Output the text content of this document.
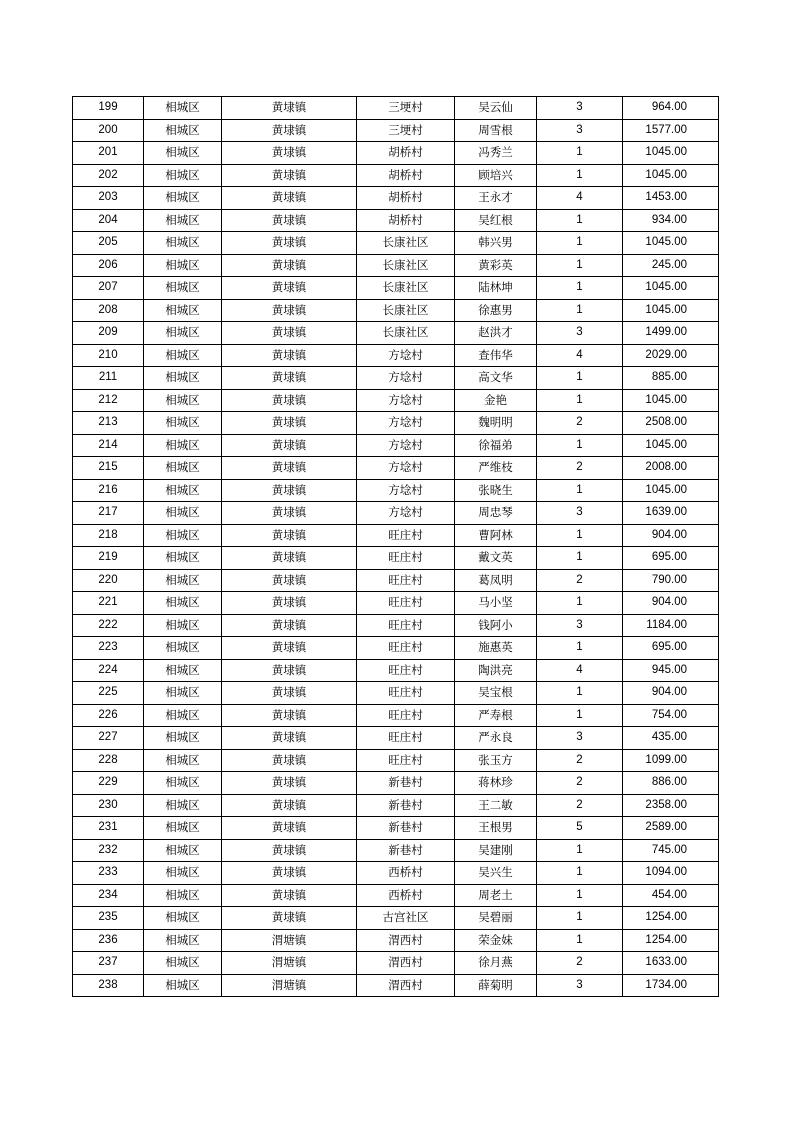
199	相城区	黄埭镇	三埂村	吴云仙	3	964.00
200	相城区	黄埭镇	三埂村	周雪根	3	1577.00
201	相城区	黄埭镇	胡桥村	冯秀兰	1	1045.00
202	相城区	黄埭镇	胡桥村	顾培兴	1	1045.00
203	相城区	黄埭镇	胡桥村	王永才	4	1453.00
204	相城区	黄埭镇	胡桥村	吴红根	1	934.00
205	相城区	黄埭镇	长康社区	韩兴男	1	1045.00
206	相城区	黄埭镇	长康社区	黄彩英	1	245.00
207	相城区	黄埭镇	长康社区	陆林坤	1	1045.00
208	相城区	黄埭镇	长康社区	徐惠男	1	1045.00
209	相城区	黄埭镇	长康社区	赵洪才	3	1499.00
210	相城区	黄埭镇	方埝村	查伟华	4	2029.00
211	相城区	黄埭镇	方埝村	高文华	1	885.00
212	相城区	黄埭镇	方埝村	金艳	1	1045.00
213	相城区	黄埭镇	方埝村	魏明明	2	2508.00
214	相城区	黄埭镇	方埝村	徐福弟	1	1045.00
215	相城区	黄埭镇	方埝村	严维枝	2	2008.00
216	相城区	黄埭镇	方埝村	张晓生	1	1045.00
217	相城区	黄埭镇	方埝村	周忠琴	3	1639.00
218	相城区	黄埭镇	旺庄村	曹阿林	1	904.00
219	相城区	黄埭镇	旺庄村	戴文英	1	695.00
220	相城区	黄埭镇	旺庄村	葛凤明	2	790.00
221	相城区	黄埭镇	旺庄村	马小坚	1	904.00
222	相城区	黄埭镇	旺庄村	钱阿小	3	1184.00
223	相城区	黄埭镇	旺庄村	施惠英	1	695.00
224	相城区	黄埭镇	旺庄村	陶洪亮	4	945.00
225	相城区	黄埭镇	旺庄村	吴宝根	1	904.00
226	相城区	黄埭镇	旺庄村	严寿根	1	754.00
227	相城区	黄埭镇	旺庄村	严永良	3	435.00
228	相城区	黄埭镇	旺庄村	张玉方	2	1099.00
229	相城区	黄埭镇	新巷村	蒋林珍	2	886.00
230	相城区	黄埭镇	新巷村	王二敏	2	2358.00
231	相城区	黄埭镇	新巷村	王根男	5	2589.00
232	相城区	黄埭镇	新巷村	吴建刚	1	745.00
233	相城区	黄埭镇	西桥村	吴兴生	1	1094.00
234	相城区	黄埭镇	西桥村	周老土	1	454.00
235	相城区	黄埭镇	古宫社区	吴碧丽	1	1254.00
236	相城区	渭塘镇	渭西村	荣金妹	1	1254.00
237	相城区	渭塘镇	渭西村	徐月燕	2	1633.00
238	相城区	渭塘镇	渭西村	薛菊明	3	1734.00
